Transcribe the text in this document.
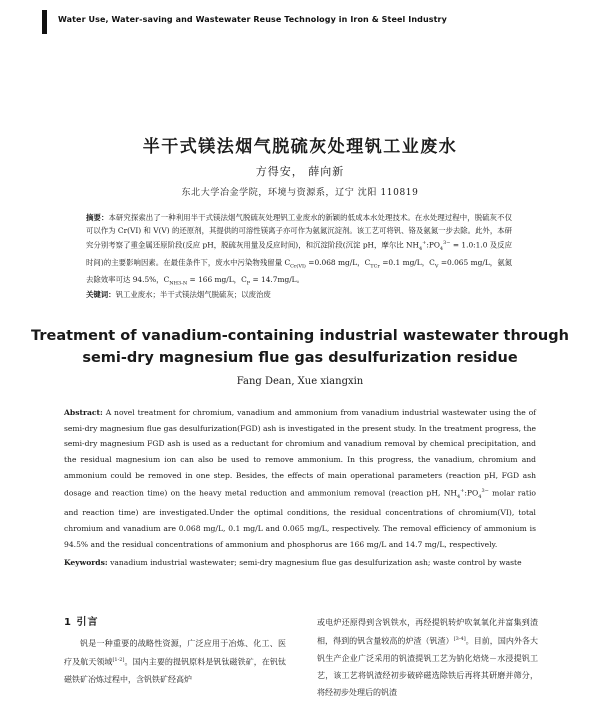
Water Use, Water-saving and Wastewater Reuse Technology in Iron & Steel Industry
半干式镁法烟气脱硫灰处理钒工业废水
方得安， 薛向新
东北大学冶金学院，环境与资源系，辽宁 沈阳 110819
摘要：本研究探索出了一种利用半干式镁法烟气脱硫灰处理钒工业废水的新颖的低成本水处理技术。在水处理过程中，脱硫灰不仅可以作为 Cr(VI) 和 V(V) 的还原剂，其提供的可溶性镁离子亦可作为氨氮沉淀剂。该工艺可将钒、铬及氨氮一步去除。此外，本研究分别考察了重金属还原阶段(反应 pH，脱硫灰用量及反应时间)，和沉淀阶段(沉淀 pH，摩尔比 $NH_4^+:PO_4^{3-}$ = 1.0:1.0 及反应时间)的主要影响因素。在最佳条件下，废水中污染物残留量 $C_{Cr(VI)} =0.068$ mg/L，$C_{TCr} =0.1$ mg/L，$C_V =0.065$ mg/L，氨氮去除效率可达 94.5%，$C_{NH3-N} = 166$ mg/L，$C_P = 14.7mg/L$。
关键词：钒工业废水；半干式镁法烟气脱硫灰；以废治废
Treatment of vanadium-containing industrial wastewater through
semi-dry magnesium flue gas desulfurization residue
Fang Dean, Xue xiangxin
Abstract: A novel treatment for chromium, vanadium and ammonium from vanadium industrial wastewater using the of semi-dry magnesium flue gas desulfurization(FGD) ash is investigated in the present study. In the treatment progress, the semi-dry magnesium FGD ash is used as a reductant for chromium and vanadium removal by chemical precipitation, and the residual magnesium ion can also be used to remove ammonium. In this progress, the vanadium, chromium and ammonium could be removed in one step. Besides, the effects of main operational parameters (reaction pH, FGD ash dosage and reaction time) on the heavy metal reduction and ammonium removal (reaction pH, $NH_4^+:PO_4^{3-}$ molar ratio and reaction time) are investigated.Under the optimal conditions, the residual concentrations of chromium(VI), total chromium and vanadium are 0.068 mg/L, 0.1 mg/L and 0.065 mg/L, respectively. The removal efficiency of ammonium is 94.5% and the residual concentrations of ammonium and phosphorus are 166 mg/L and 14.7 mg/L, respectively.
Keywords: vanadium industrial wastewater; semi-dry magnesium flue gas desulfurization ash; waste control by waste
1 引言
钒是一种重要的战略性资源，广泛应用于冶炼、化工、医疗及航天领域[1-2]。国内主要的提钒原料是钒钛磁铁矿，在钒钛磁铁矿冶炼过程中，含钒铁矿经高炉
或电炉还原得到含钒铁水，再经提钒转炉吹氧氧化并富集到渣相，得到的钒含量较高的炉渣（钒渣）[3-4]。目前，国内外各大钒生产企业广泛采用的钒渣提钒工艺为钠化焙烧－水浸提钒工艺，该工艺将钒渣经初步破碎磁选除铁后再将其研磨并筛分，将经初步处理后的钒渣
